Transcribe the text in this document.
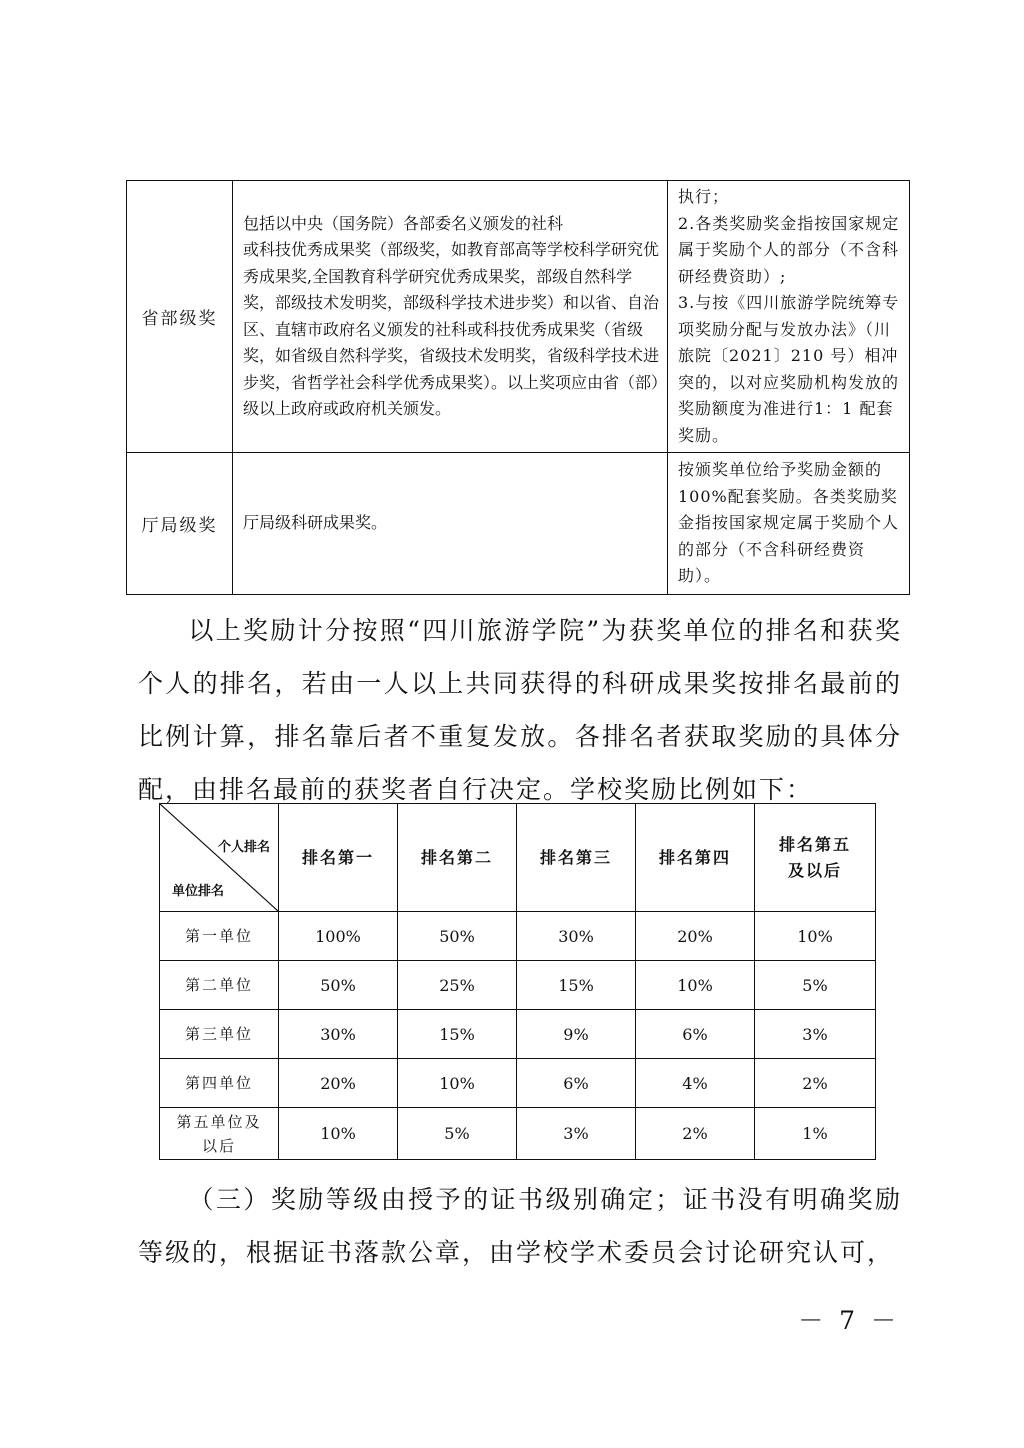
省部级奖	包括以中央（国务院）各部委名义颁发的社科
或科技优秀成果奖（部级奖，如教育部高等学校科学研究优秀成果奖,全国教育科学研究优秀成果奖，部级自然科学奖，部级技术发明奖，部级科学技术进步奖）和以省、自治区、直辖市政府名义颁发的社科或科技优秀成果奖（省级奖，如省级自然科学奖，省级技术发明奖，省级科学技术进步奖，省哲学社会科学优秀成果奖）。以上奖项应由省（部）级以上政府或政府机关颁发。	执行；
2.各类奖励奖金指按国家规定属于奖励个人的部分（不含科研经费资助）;
3.与按《四川旅游学院统筹专项奖励分配与发放办法》（川旅院〔2021〕210 号）相冲突的，以对应奖励机构发放的奖励额度为准进行1：1 配套奖励。
厅局级奖	厅局级科研成果奖。	按颁奖单位给予奖励金额的 100%配套奖励。各类奖励奖金指按国家规定属于奖励个人的部分（不含科研经费资助）。

以上奖励计分按照“四川旅游学院”为获奖单位的排名和获奖个人的排名，若由一人以上共同获得的科研成果奖按排名最前的比例计算，排名靠后者不重复发放。各排名者获取奖励的具体分配，由排名最前的获奖者自行决定。学校奖励比例如下：

个人排名
单位排名	排名第一	排名第二	排名第三	排名第四	排名第五
及以后
第一单位	100%	50%	30%	20%	10%
第二单位	50%	25%	15%	10%	5%
第三单位	30%	15%	9%	6%	3%
第四单位	20%	10%	6%	4%	2%
第五单位及
以后	10%	5%	3%	2%	1%

（三）奖励等级由授予的证书级别确定；证书没有明确奖励等级的，根据证书落款公章，由学校学术委员会讨论研究认可，

－ 7 －
